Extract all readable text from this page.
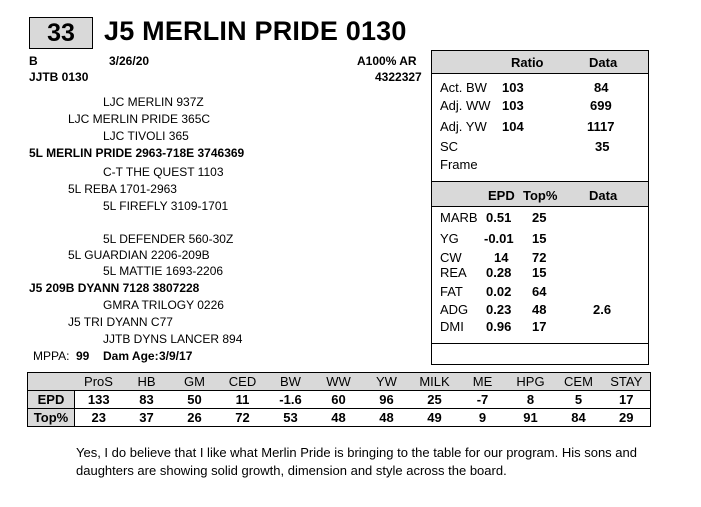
33	J5 MERLIN PRIDE 0130
B	3/26/20
JJTB 0130
A100% AR
4322327
LJC MERLIN 937Z
LJC MERLIN PRIDE 365C
LJC TIVOLI 365
5L MERLIN PRIDE 2963-718E 3746369
C-T THE QUEST 1103
5L REBA 1701-2963
5L FIREFLY 3109-1701
5L DEFENDER 560-30Z
5L GUARDIAN 2206-209B
5L MATTIE 1693-2206
J5 209B DYANN 7128 3807228
GMRA TRILOGY 0226
J5 TRI DYANN C77
JJTB DYNS LANCER 894
MPPA: 99 Dam Age: 3/9/17
Ratio	Data
Act. BW 103	84
Adj. WW 103	699
Adj. YW 104	1117
SC	35
Frame
EPD Top% Data
MARB 0.51 25
YG -0.01 15
CW 14 72
REA 0.28 15
FAT 0.02 64
ADG 0.23 48	2.6
DMI 0.96 17
	ProS	HB	GM	CED	BW	WW	YW	MILK	ME	HPG	CEM	STAY
EPD	133	83	50	11	-1.6	60	96	25	-7	8	5	17
Top%	23	37	26	72	53	48	48	49	9	91	84	29
Yes, I do believe that I like what Merlin Pride is bringing to the table for our program. His sons and daughters are showing solid growth, dimension and style across the board.
